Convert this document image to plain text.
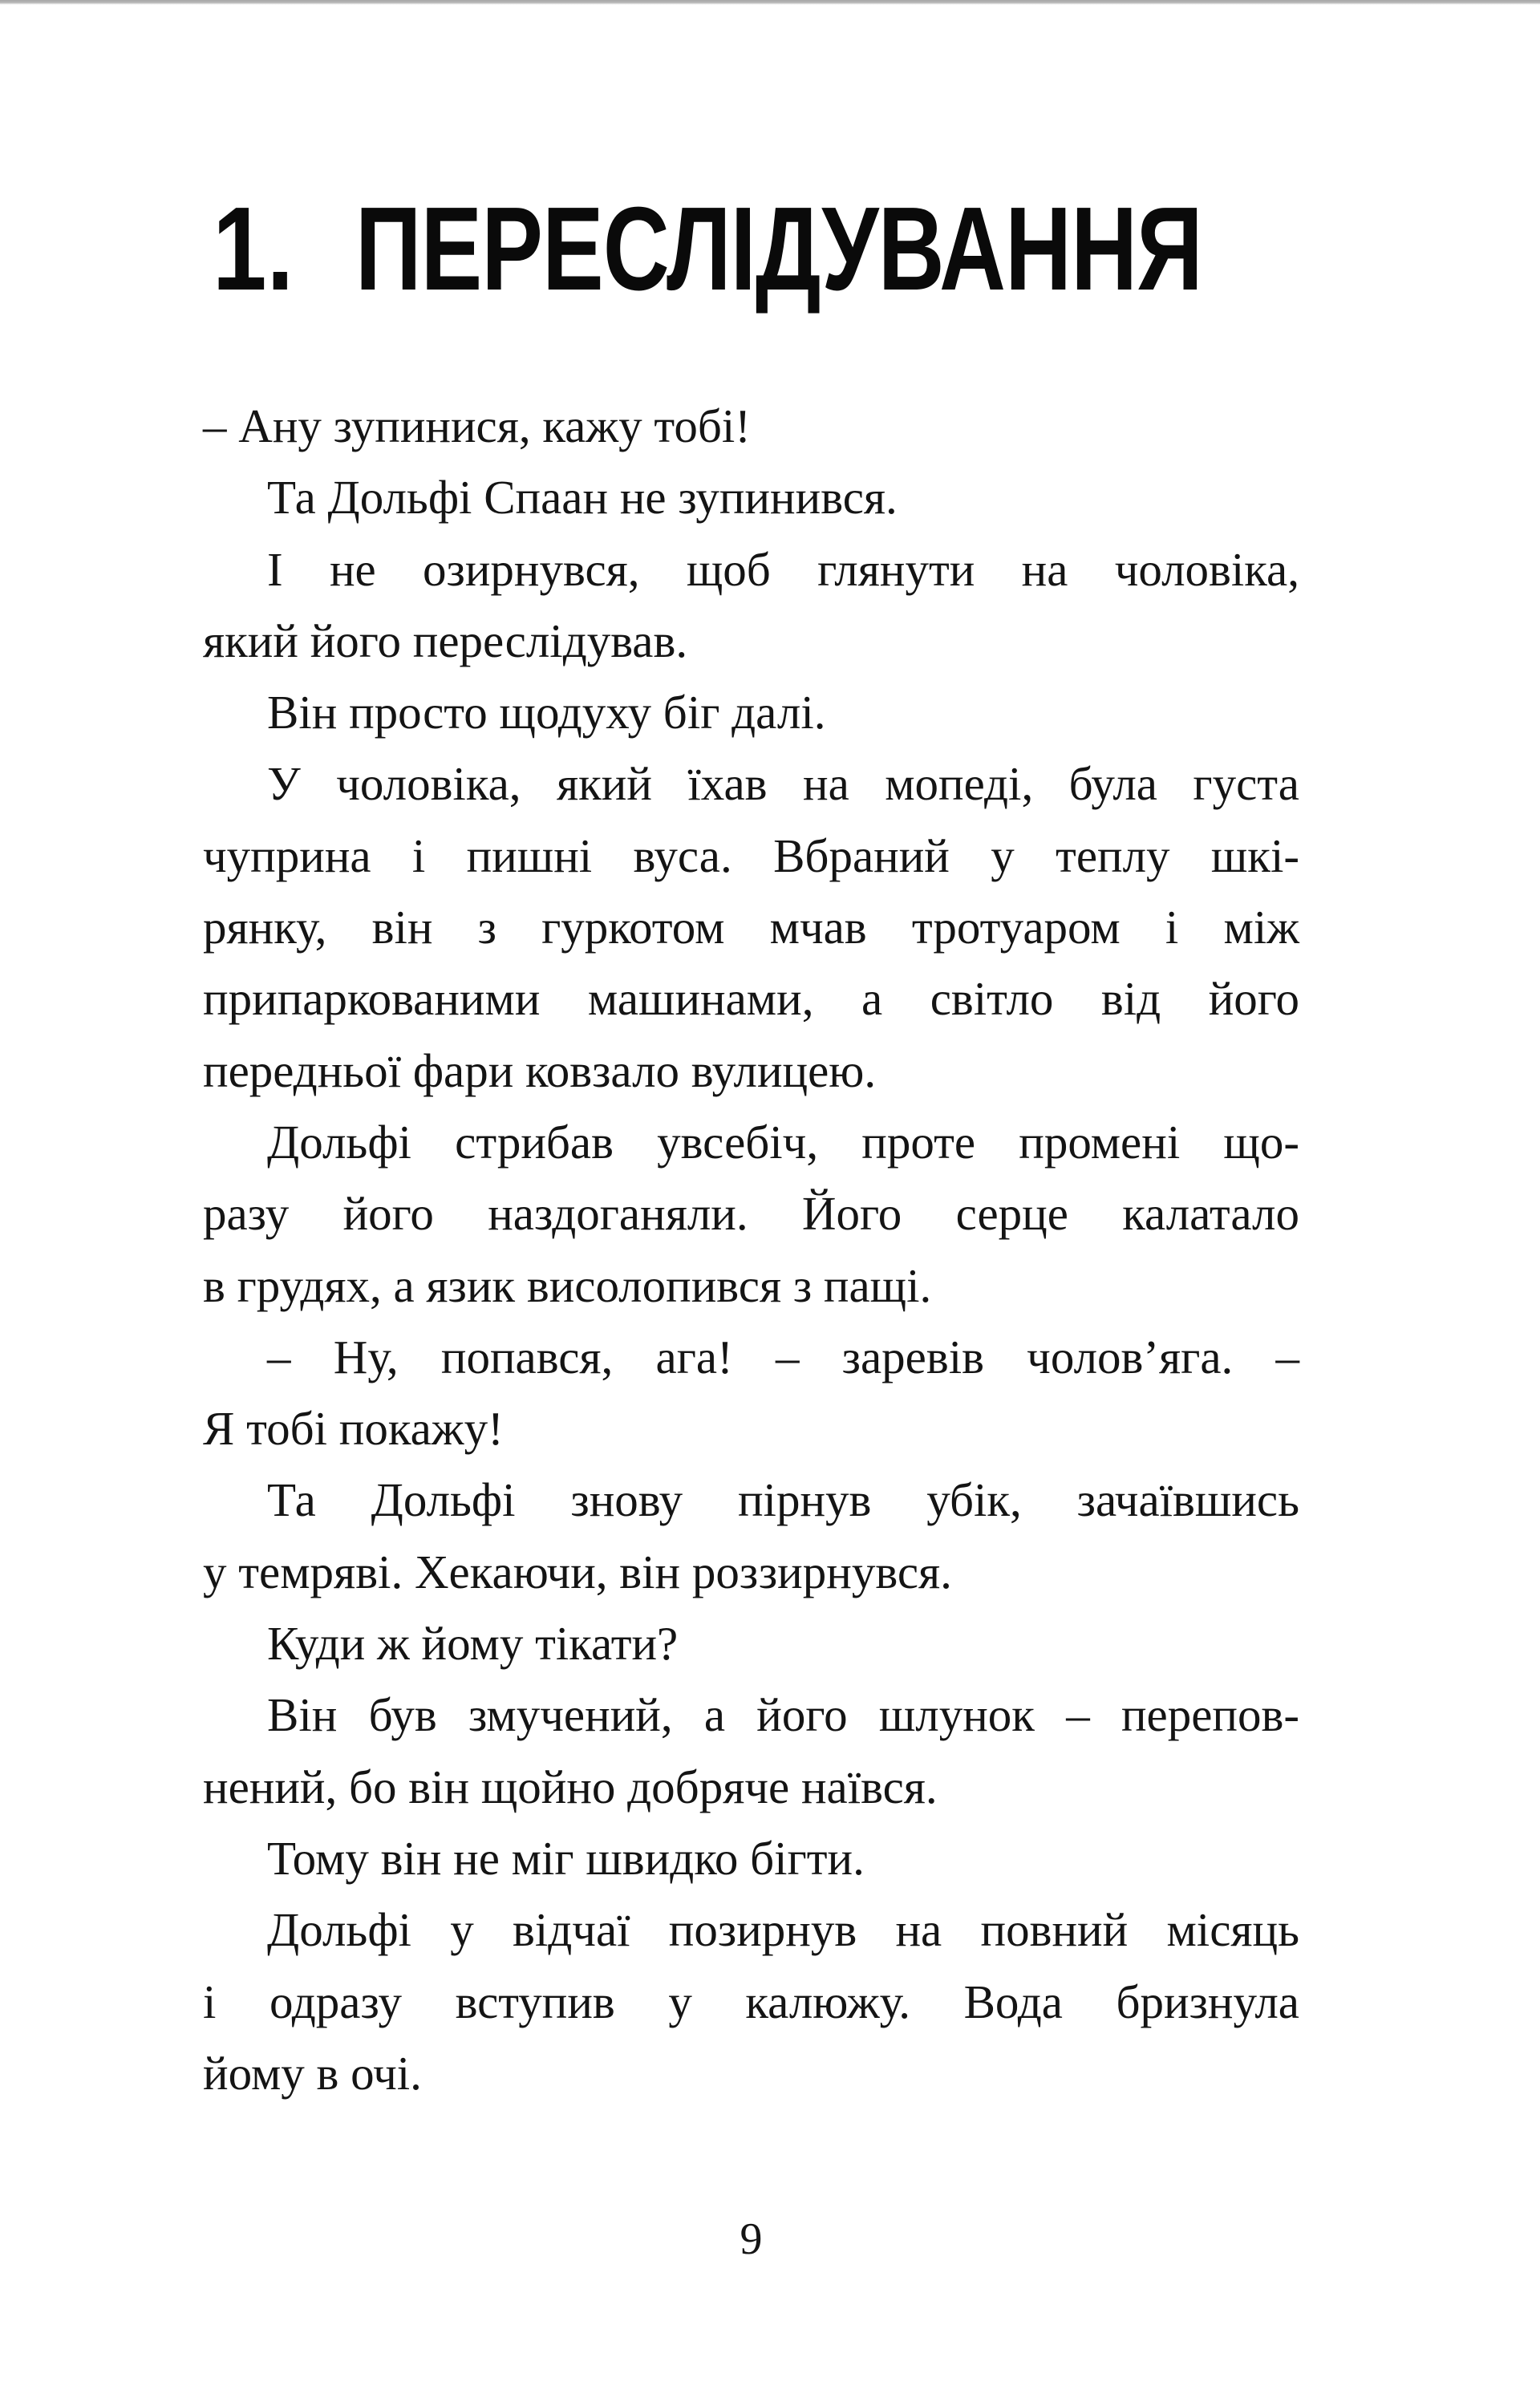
1. ПЕРЕСЛІДУВАННЯ
– Ану зупинися, кажу тобі!
Та Дольфі Спаан не зупинився.
І не озирнувся, щоб глянути на чоловіка,
який його переслідував.
Він просто щодуху біг далі.
У чоловіка, який їхав на мопеді, була густа
чуприна і пишні вуса. Вбраний у теплу шкі-
рянку, він з гуркотом мчав тротуаром і між
припаркованими машинами, а світло від його
передньої фари ковзало вулицею.
Дольфі стрибав увсебіч, проте промені що-
разу його наздоганяли. Його серце калатало
в грудях, а язик висолопився з пащі.
– Ну, попався, ага! – заревів чолов’яга. –
Я тобі покажу!
Та Дольфі знову пірнув убік, зачаївшись
у темряві. Хекаючи, він роззирнувся.
Куди ж йому тікати?
Він був змучений, а його шлунок – перепов-
нений, бо він щойно добряче наївся.
Тому він не міг швидко бігти.
Дольфі у відчаї позирнув на повний місяць
і одразу вступив у калюжу. Вода бризнула
йому в очі.
9
